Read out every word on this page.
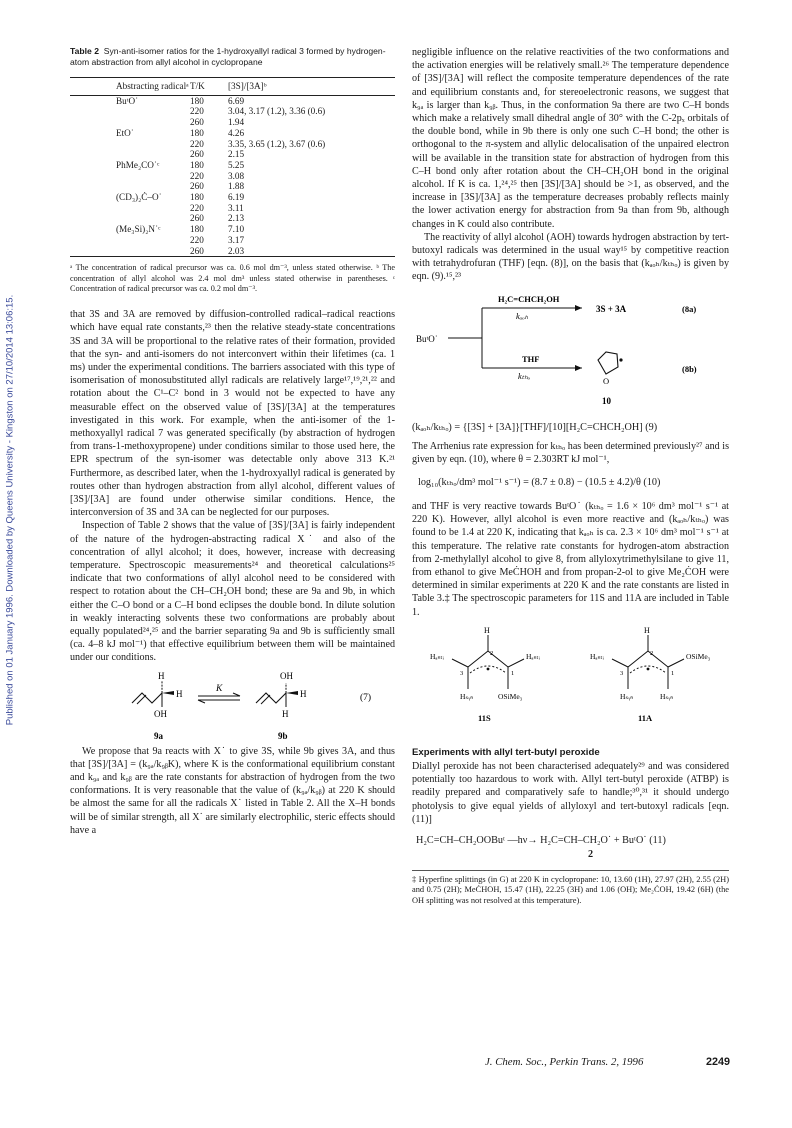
Published on 01 January 1996. Downloaded by Queens University - Kingston on 27/10/2014 13:06:15.

Table 2 Syn-anti-isomer ratios for the 1-hydroxyallyl radical 3 formed by hydrogen-atom abstraction from allyl alcohol in cyclopropane

Abstracting radicalᵃ	T/K	[3S]/[3A]ᵇ
BuᵗO˙	180	6.69
	220	3.04, 3.17 (1.2), 3.36 (0.6)
	260	1.94
EtO˙	180	4.26
	220	3.35, 3.65 (1.2), 3.67 (0.6)
	260	2.15
PhMe₂CO˙ᶜ	180	5.25
	220	3.08
	260	1.88
(CD₃)₂Ċ–O˙	180	6.19
	220	3.11
	260	2.13
(Me₃Si)₂N˙ᶜ	180	7.10
	220	3.17
	260	2.03

ᵃ The concentration of radical precursor was ca. 0.6 mol dm⁻³, unless stated otherwise. ᵇ The concentration of allyl alcohol was 2.4 mol dm³ unless stated otherwise in parentheses. ᶜ Concentration of radical precursor was ca. 0.2 mol dm⁻³.

that 3S and 3A are removed by diffusion-controlled radical–radical reactions which have equal rate constants,²³ then the relative steady-state concentrations 3S and 3A will be proportional to the relative rates of their formation, provided that the syn- and anti-isomers do not interconvert within their lifetimes (ca. 1 ms) under the experimental conditions. The barriers associated with this type of isomerisation of monosubstituted allyl radicals are relatively large¹⁷,¹⁹,²¹,²² and rotation about the C¹–C² bond in 3 would not be expected to have any measurable effect on the observed value of [3S]/[3A] at the temperatures investigated in this work. For example, when the anti-isomer of the 1-methoxyallyl radical 7 was generated specifically (by abstraction of hydrogen from trans-1-methoxypropene) under conditions similar to those used here, the EPR spectrum of the syn-isomer was detectable only above 313 K.²¹ Furthermore, as described later, when the 1-hydroxyallyl radical is generated by routes other than hydrogen abstraction from allyl alcohol, different values of [3S]/[3A] are found under otherwise similar conditions. Hence, the interconversion of 3S and 3A can be neglected for our purposes.

Inspection of Table 2 shows that the value of [3S]/[3A] is fairly independent of the nature of the hydrogen-abstracting radical X˙ and also of the concentration of allyl alcohol; it does, however, increase with decreasing temperature. Spectroscopic measurements²⁴ and theoretical calculations²⁵ indicate that two conformations of allyl alcohol need to be considered with respect to rotation about the CH–CH₂OH bond; these are 9a and 9b, in which either the C–O bond or a C–H bond eclipses the double bond. In dilute solution in weakly interacting solvents these two conformations are probably about equally populated²⁴,²⁵ and the barrier separating 9a and 9b is sufficiently small (ca. 4–8 kJ mol⁻¹) that effective equilibrium between them will be maintained under our conditions.

H
H
OH
9a
K
OH
H
H
9b
(7)

We propose that 9a reacts with X˙ to give 3S, while 9b gives 3A, and thus that [3S]/[3A] = (k₉ₐ/k₉ᵦK), where K is the conformational equilibrium constant and k₉ₐ and k₉ᵦ are the rate constants for abstraction of hydrogen from the two conformations. It is very reasonable that the value of (k₉ₐ/k₉ᵦ) at 220 K should be almost the same for all the radicals X˙ listed in Table 2. All the X–H bonds will be of similar strength, all X˙ are similarly electrophilic, steric effects should have a

negligible influence on the relative reactivities of the two conformations and the activation energies will be relatively small.²⁶ The temperature dependence of [3S]/[3A] will reflect the composite temperature dependences of the rate and equilibrium constants and, for stereoelectronic reasons, we suggest that k₉ₐ is larger than k₉ᵦ. Thus, in the conformation 9a there are two C–H bonds which make a relatively small dihedral angle of 30° with the C-2pₓ orbitals of the double bond, while in 9b there is only one such C–H bond; the other is orthogonal to the π-system and allylic delocalisation of the unpaired electron will be available in the transition state for abstraction of hydrogen from this C–H bond only after rotation about the CH–CH₂OH bond in the original alcohol. If K is ca. 1,²⁴,²⁵ then [3S]/[3A] should be >1, as observed, and the increase in [3S]/[3A] as the temperature decreases probably reflects mainly the lower activation energy for abstraction from 9a than from 9b, although changes in K could also contribute.

The reactivity of allyl alcohol (AOH) towards hydrogen abstraction by tert-butoxyl radicals was determined in the usual way¹⁵ by competitive reaction with tetrahydrofuran (THF) [eqn. (8)], on the basis that (kₐₒₕ/kₜₕₒ) is given by eqn. (9).¹⁵,²³

BuᵗO˙
H₂C=CHCH₂OH
kₐₒₕ
3S + 3A	(8a)
THF
kₜₕₒ	O
(8b)
10

(kₐₒₕ/kₜₕₒ) = {[3S] + [3A]}[THF]/[10][H₂C=CHCH₂OH] (9)

The Arrhenius rate expression for kₜₕₒ has been determined previously²⁷ and is given by eqn. (10), where θ = 2.303RT kJ mol⁻¹,

log₁₀(kₜₕₒ/dm³ mol⁻¹ s⁻¹) = (8.7 ± 0.8) − (10.5 ± 4.2)/θ (10)

and THF is very reactive towards BuᵗO˙ (kₜₕₒ = 1.6 × 10⁶ dm³ mol⁻¹ s⁻¹ at 220 K). However, allyl alcohol is even more reactive and (kₐₒₕ/kₜₕₒ) was found to be 1.4 at 220 K, indicating that kₐₒₕ is ca. 2.3 × 10⁶ dm³ mol⁻¹ s⁻¹ at this temperature. The relative rate constants for hydrogen-atom abstraction from 2-methylallyl alcohol to give 8, from allyloxytrimethylsilane to give 11, from ethanol to give MeĊHOH and from propan-2-ol to give Me₂ĊOH were determined in similar experiments at 220 K and the rate constants are listed in Table 3.‡ The spectroscopic parameters for 11S and 11A are included in Table 1.

H
Hₐₙₜᵢ	Hₐₙₜᵢ
Hₛᵧₙ	OSiMe₃
2
3	1
11S
H
Hₐₙₜᵢ	OSiMe₃
Hₛᵧₙ	Hₛᵧₙ
2
3	1
11A
Experiments with allyl tert-butyl peroxide

Diallyl peroxide has not been characterised adequately²⁹ and was considered potentially too hazardous to work with. Allyl tert-butyl peroxide (ATBP) is readily prepared and comparatively safe to handle;³⁰,³¹ it should undergo photolysis to give equal yields of allyloxyl and tert-butoxyl radicals [eqn. (11)]

H₂C=CH–CH₂OOBuᵗ —hν→ H₂C=CH–CH₂O˙ + BuᵗO˙ (11)

2

‡ Hyperfine splittings (in G) at 220 K in cyclopropane: 10, 13.60 (1H), 27.97 (2H), 2.55 (2H) and 0.75 (2H); MeĊHOH, 15.47 (1H), 22.25 (3H) and 1.06 (OH); Me₂ĊOH, 19.42 (6H) (the OH splitting was not resolved at this temperature).

J. Chem. Soc., Perkin Trans. 2, 1996	2249
